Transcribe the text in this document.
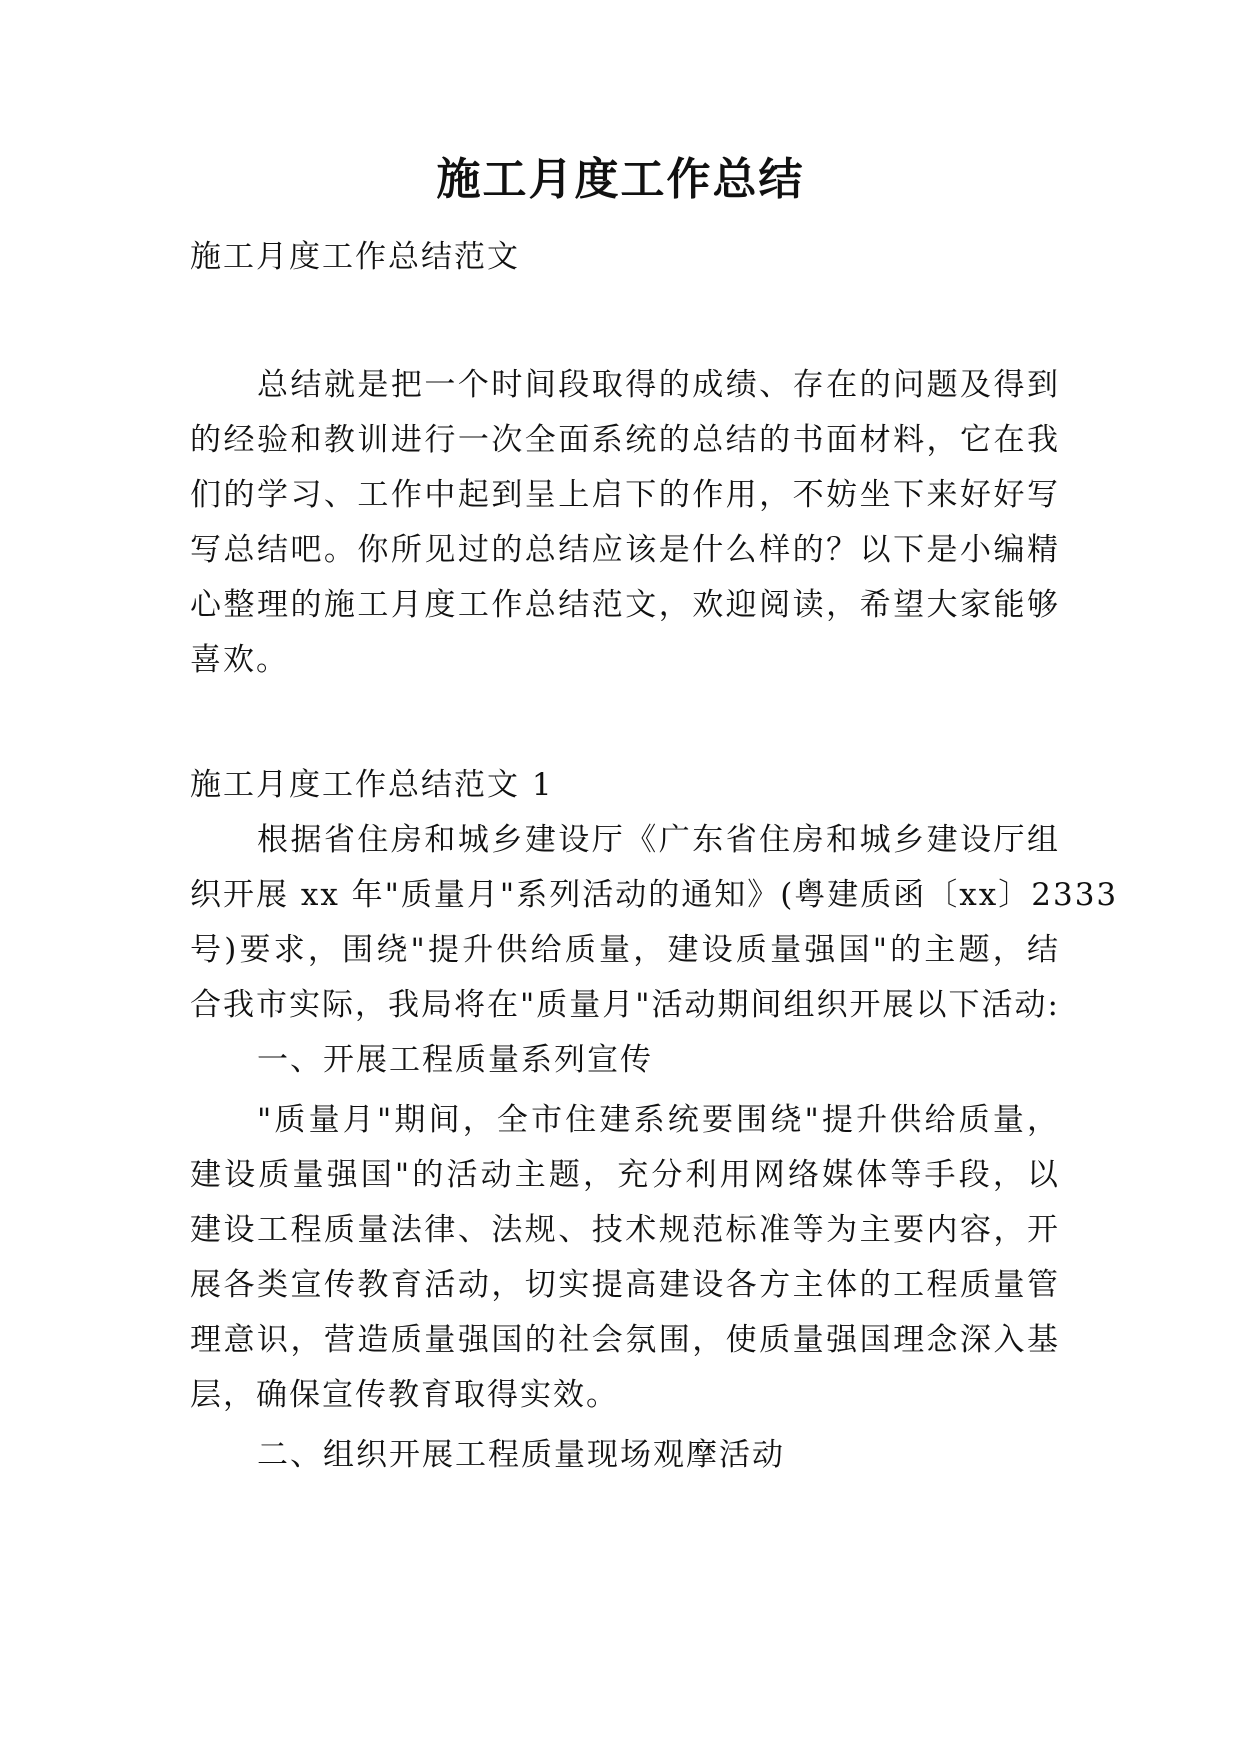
施工月度工作总结
施工月度工作总结范文
总结就是把一个时间段取得的成绩、存在的问题及得到
的经验和教训进行一次全面系统的总结的书面材料，它在我
们的学习、工作中起到呈上启下的作用，不妨坐下来好好写
写总结吧。你所见过的总结应该是什么样的？以下是小编精
心整理的施工月度工作总结范文，欢迎阅读，希望大家能够
喜欢。
施工月度工作总结范文 1
根据省住房和城乡建设厅《广东省住房和城乡建设厅组
织开展 xx 年"质量月"系列活动的通知》(粤建质函〔xx〕2333
号)要求，围绕"提升供给质量，建设质量强国"的主题，结
合我市实际，我局将在"质量月"活动期间组织开展以下活动:
一、开展工程质量系列宣传
"质量月"期间，全市住建系统要围绕"提升供给质量，
建设质量强国"的活动主题，充分利用网络媒体等手段，以
建设工程质量法律、法规、技术规范标准等为主要内容，开
展各类宣传教育活动，切实提高建设各方主体的工程质量管
理意识，营造质量强国的社会氛围，使质量强国理念深入基
层，确保宣传教育取得实效。
二、组织开展工程质量现场观摩活动
